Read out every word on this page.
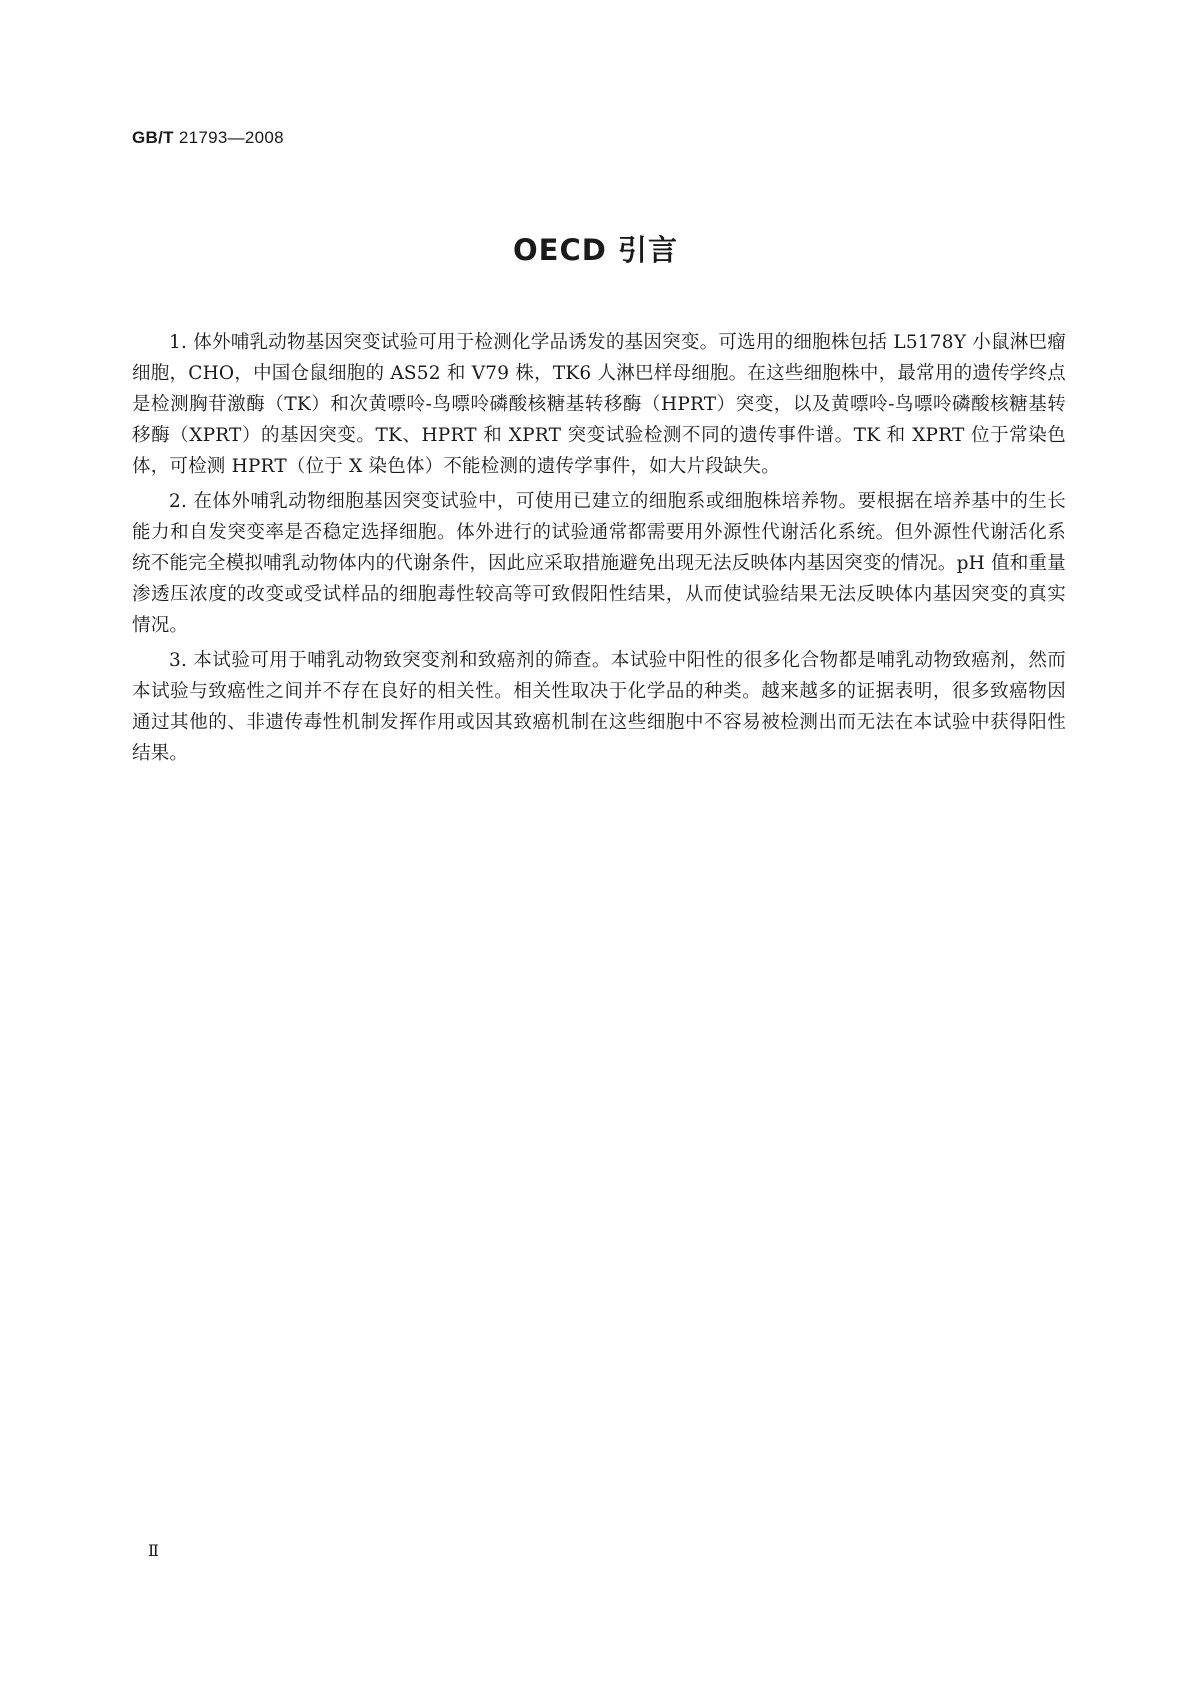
GB/T 21793—2008
OECD 引言

1. 体外哺乳动物基因突变试验可用于检测化学品诱发的基因突变。可选用的细胞株包括 L5178Y 小鼠淋巴瘤细胞，CHO，中国仓鼠细胞的 AS52 和 V79 株，TK6 人淋巴样母细胞。在这些细胞株中，最常用的遗传学终点是检测胸苷激酶（TK）和次黄嘌呤-鸟嘌呤磷酸核糖基转移酶（HPRT）突变，以及黄嘌呤-鸟嘌呤磷酸核糖基转移酶（XPRT）的基因突变。TK、HPRT 和 XPRT 突变试验检测不同的遗传事件谱。TK 和 XPRT 位于常染色体，可检测 HPRT（位于 X 染色体）不能检测的遗传学事件，如大片段缺失。

2. 在体外哺乳动物细胞基因突变试验中，可使用已建立的细胞系或细胞株培养物。要根据在培养基中的生长能力和自发突变率是否稳定选择细胞。体外进行的试验通常都需要用外源性代谢活化系统。但外源性代谢活化系统不能完全模拟哺乳动物体内的代谢条件，因此应采取措施避免出现无法反映体内基因突变的情况。pH 值和重量渗透压浓度的改变或受试样品的细胞毒性较高等可致假阳性结果，从而使试验结果无法反映体内基因突变的真实情况。

3. 本试验可用于哺乳动物致突变剂和致癌剂的筛查。本试验中阳性的很多化合物都是哺乳动物致癌剂，然而本试验与致癌性之间并不存在良好的相关性。相关性取决于化学品的种类。越来越多的证据表明，很多致癌物因通过其他的、非遗传毒性机制发挥作用或因其致癌机制在这些细胞中不容易被检测出而无法在本试验中获得阳性结果。

Ⅱ
